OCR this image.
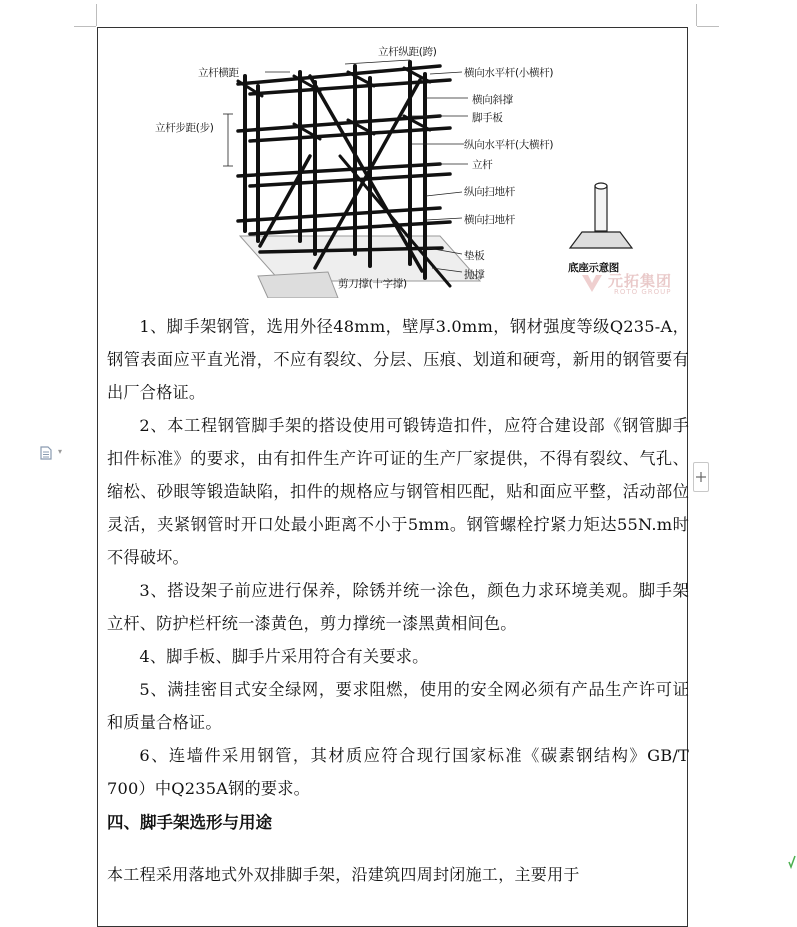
立杆横距
立杆纵距(跨)
立杆步距(步)
横向水平杆(小横杆)
横向斜撑
脚手板
纵向水平杆(大横杆)
立杆
纵向扫地杆
横向扫地杆
垫板
剪刀撑(十字撑)
抛撑
底座示意图
元拓集团
ROTO GROUP

1、脚手架钢管，选用外径48mm，壁厚3.0mm，钢材强度等级Q235-A，钢管表面应平直光滑，不应有裂纹、分层、压痕、划道和硬弯，新用的钢管要有出厂合格证。

2、本工程钢管脚手架的搭设使用可锻铸造扣件，应符合建设部《钢管脚手扣件标准》的要求，由有扣件生产许可证的生产厂家提供，不得有裂纹、气孔、缩松、砂眼等锻造缺陷，扣件的规格应与钢管相匹配，贴和面应平整，活动部位灵活，夹紧钢管时开口处最小距离不小于5mm。钢管螺栓拧紧力矩达55N.m时不得破坏。

3、搭设架子前应进行保养，除锈并统一涂色，颜色力求环境美观。脚手架立杆、防护栏杆统一漆黄色，剪力撑统一漆黑黄相间色。

4、脚手板、脚手片采用符合有关要求。

5、满挂密目式安全绿网，要求阻燃，使用的安全网必须有产品生产许可证和质量合格证。

6、连墙件采用钢管，其材质应符合现行国家标准《碳素钢结构》GB/T 700）中Q235A钢的要求。

四、脚手架选形与用途

本工程采用落地式外双排脚手架，沿建筑四周封闭施工，主要用于
▾
